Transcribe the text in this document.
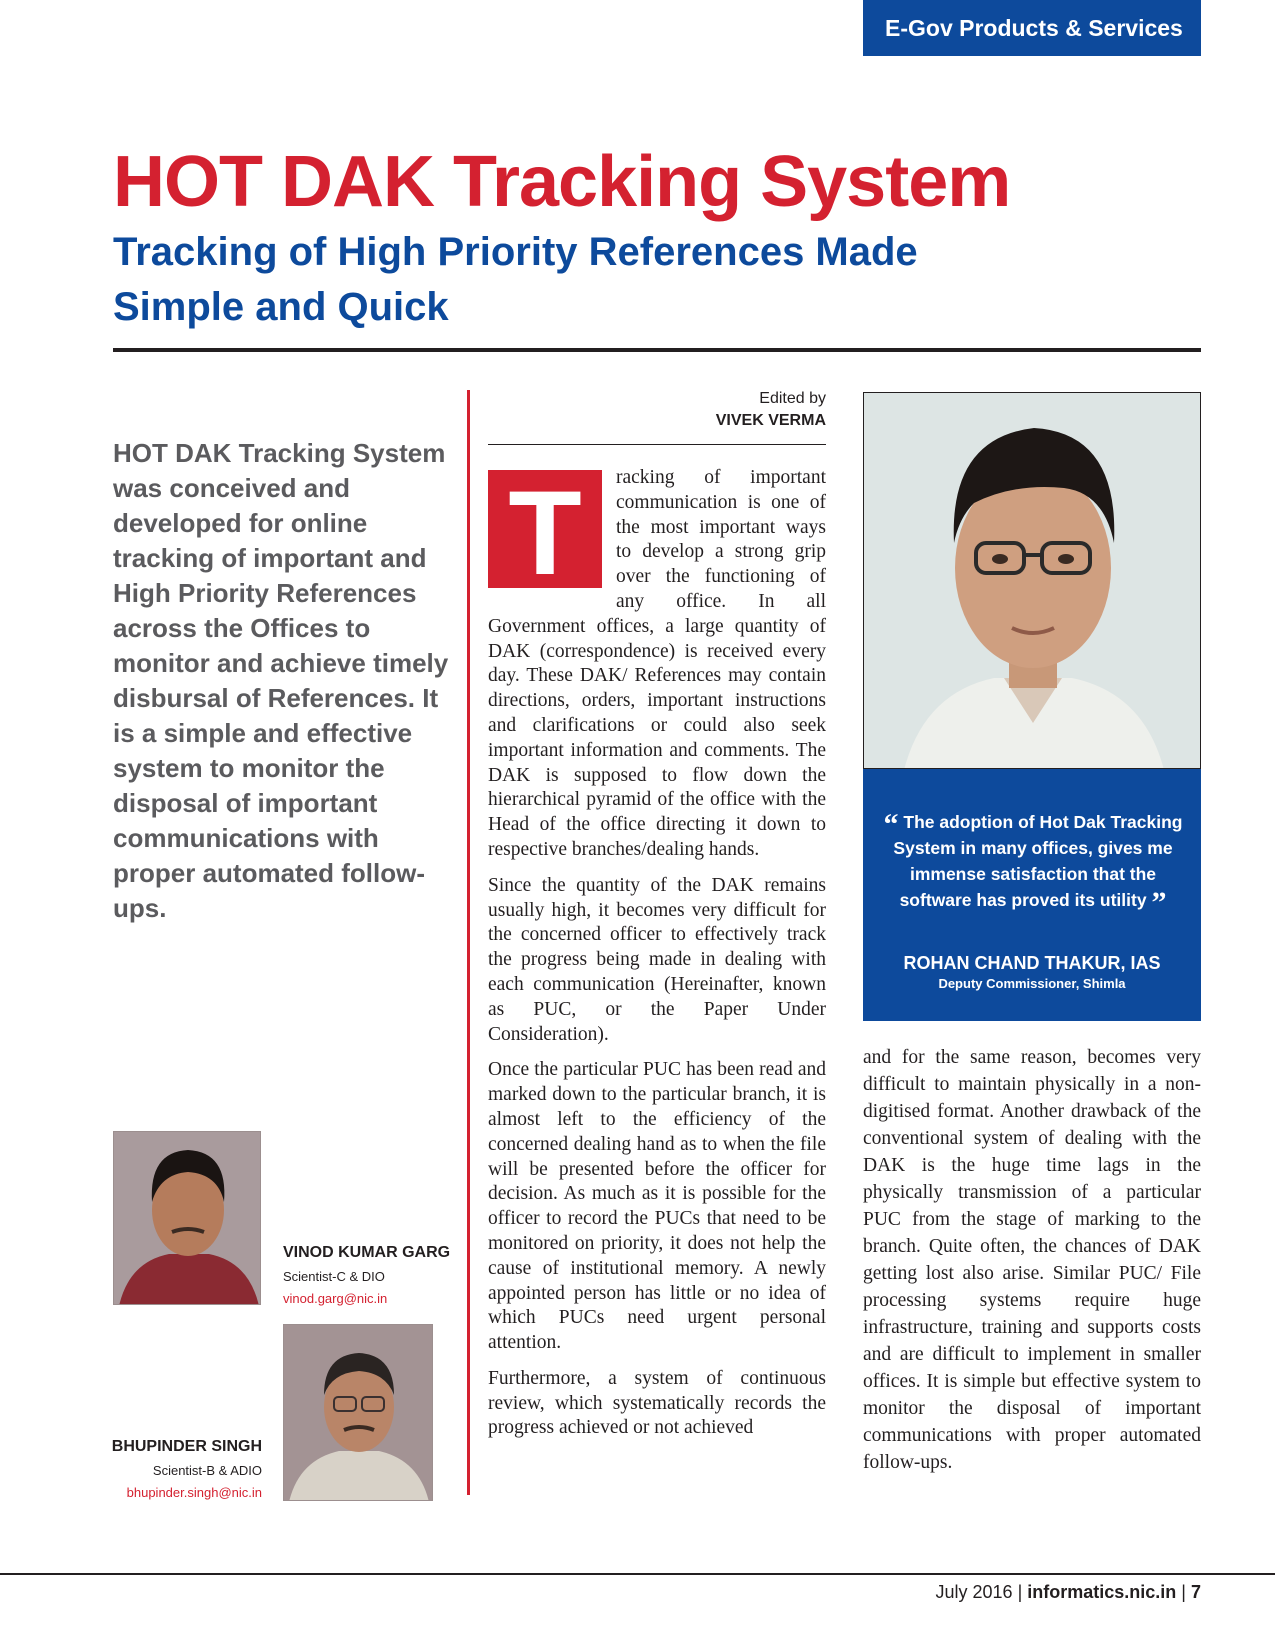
E-Gov Products & Services
HOT DAK Tracking System
Tracking of High Priority References Made
Simple and Quick
HOT DAK Tracking System was conceived and developed for online tracking of important and High Priority References across the Offices to monitor and achieve timely disbursal of References. It is a simple and effective system to monitor the disposal of important communications with proper automated follow-ups.
Edited by
VIVEK VERMA

T	racking of important communication is one of the most important ways to develop a strong grip over the functioning of any office. In all Government offices, a large quantity of DAK (correspondence) is received every day. These DAK/ References may contain directions, orders, important instructions and clarifications or could also seek important information and comments. The DAK is supposed to flow down the hierarchical pyramid of the office with the Head of the office directing it down to respective branches/dealing hands.

Since the quantity of the DAK remains usually high, it becomes very difficult for the concerned officer to effectively track the progress being made in dealing with each communication (Hereinafter, known as PUC, or the Paper Under Consideration).

Once the particular PUC has been read and marked down to the particular branch, it is almost left to the efficiency of the concerned dealing hand as to when the file will be presented before the officer for decision. As much as it is possible for the officer to record the PUCs that need to be monitored on priority, it does not help the cause of institutional memory. A newly appointed person has little or no idea of which PUCs need urgent personal attention.

Furthermore, a system of continuous review, which systematically records the progress achieved or not achieved

“ The adoption of Hot Dak Tracking System in many offices, gives me immense satisfaction that the software has proved its utility ”
ROHAN CHAND THAKUR, IAS
Deputy Commissioner, Shimla

and for the same reason, becomes very difficult to maintain physically in a non-digitised format. Another drawback of the conventional system of dealing with the DAK is the huge time lags in the physically transmission of a particular PUC from the stage of marking to the branch. Quite often, the chances of DAK getting lost also arise. Similar PUC/ File processing systems require huge infrastructure, training and supports costs and are difficult to implement in smaller offices. It is simple but effective system to monitor the disposal of important communications with proper automated follow-ups.

VINOD KUMAR GARG
Scientist-C & DIO
vinod.garg@nic.in
BHUPINDER SINGH
Scientist-B & ADIO
bhupinder.singh@nic.in
July 2016 | informatics.nic.in | 7
